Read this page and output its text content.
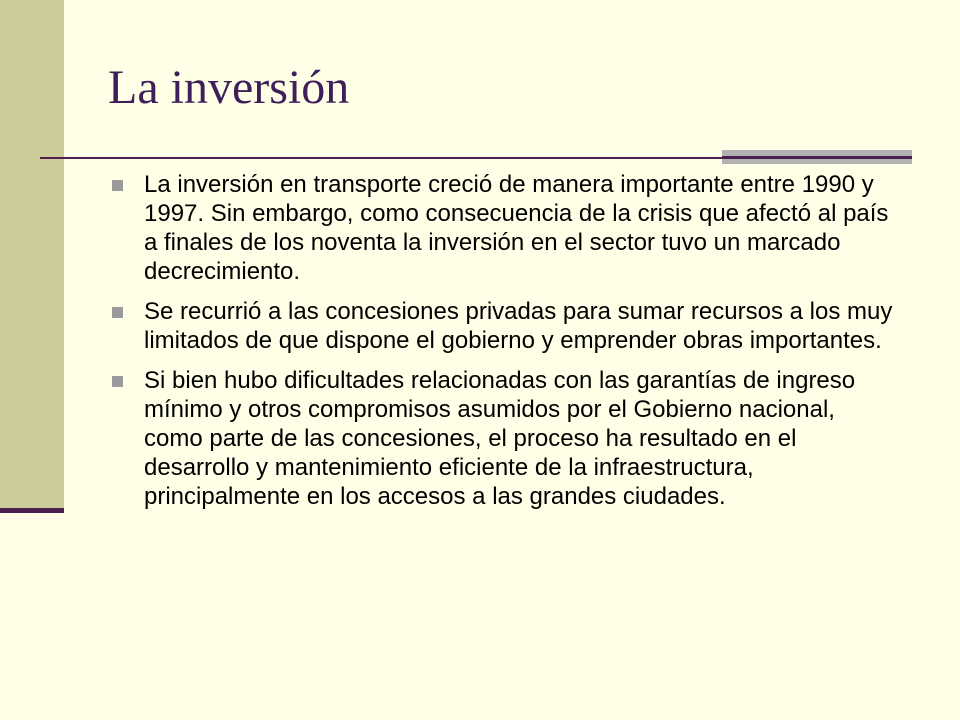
La inversión
La inversión en transporte creció de manera importante entre 1990 y 1997. Sin embargo, como consecuencia de la crisis que afectó al país a finales de los noventa la inversión en el sector tuvo un marcado decrecimiento.
Se recurrió a las concesiones privadas para sumar recursos a los muy limitados de que dispone el gobierno y emprender obras importantes.
Si bien hubo dificultades relacionadas con las garantías de ingreso mínimo y otros compromisos asumidos por el Gobierno nacional, como parte de las concesiones, el proceso ha resultado en el desarrollo y mantenimiento eficiente de la infraestructura, principalmente en los accesos a las grandes ciudades.
